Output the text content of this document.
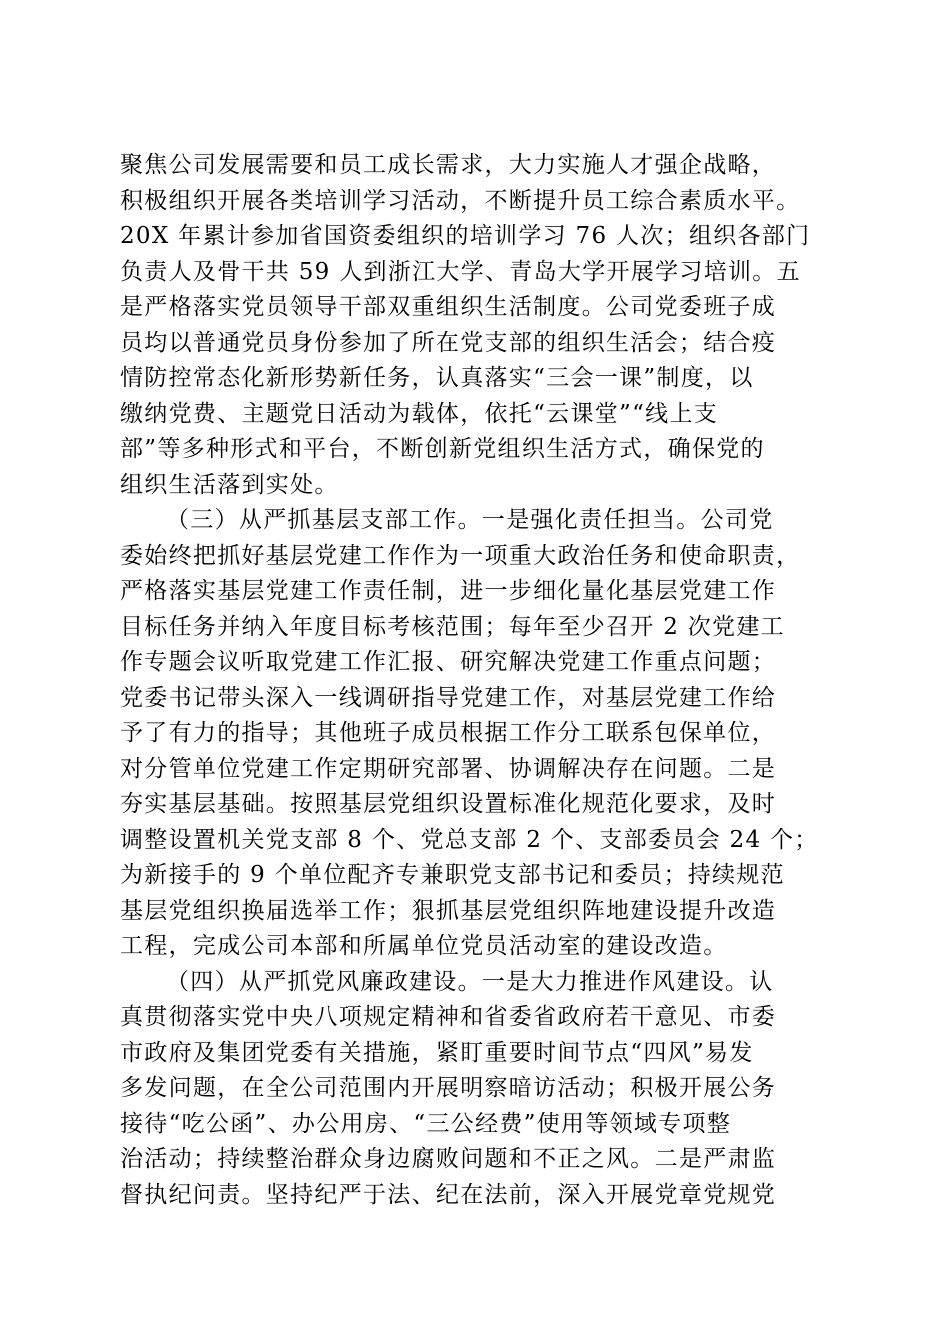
聚焦公司发展需要和员工成长需求，大力实施人才强企战略，
积极组织开展各类培训学习活动，不断提升员工综合素质水平。
20X 年累计参加省国资委组织的培训学习 76 人次；组织各部门
负责人及骨干共 59 人到浙江大学、青岛大学开展学习培训。五
是严格落实党员领导干部双重组织生活制度。公司党委班子成
员均以普通党员身份参加了所在党支部的组织生活会；结合疫
情防控常态化新形势新任务，认真落实“三会一课”制度，以
缴纳党费、主题党日活动为载体，依托“云课堂”“线上支
部”等多种形式和平台，不断创新党组织生活方式，确保党的
组织生活落到实处。
（三）从严抓基层支部工作。一是强化责任担当。公司党
委始终把抓好基层党建工作作为一项重大政治任务和使命职责，
严格落实基层党建工作责任制，进一步细化量化基层党建工作
目标任务并纳入年度目标考核范围；每年至少召开 2 次党建工
作专题会议听取党建工作汇报、研究解决党建工作重点问题；
党委书记带头深入一线调研指导党建工作，对基层党建工作给
予了有力的指导；其他班子成员根据工作分工联系包保单位，
对分管单位党建工作定期研究部署、协调解决存在问题。二是
夯实基层基础。按照基层党组织设置标准化规范化要求，及时
调整设置机关党支部 8 个、党总支部 2 个、支部委员会 24 个；
为新接手的 9 个单位配齐专兼职党支部书记和委员；持续规范
基层党组织换届选举工作；狠抓基层党组织阵地建设提升改造
工程，完成公司本部和所属单位党员活动室的建设改造。
（四）从严抓党风廉政建设。一是大力推进作风建设。认
真贯彻落实党中央八项规定精神和省委省政府若干意见、市委
市政府及集团党委有关措施，紧盯重要时间节点“四风”易发
多发问题，在全公司范围内开展明察暗访活动；积极开展公务
接待“吃公函”、办公用房、“三公经费”使用等领域专项整
治活动；持续整治群众身边腐败问题和不正之风。二是严肃监
督执纪问责。坚持纪严于法、纪在法前，深入开展党章党规党
